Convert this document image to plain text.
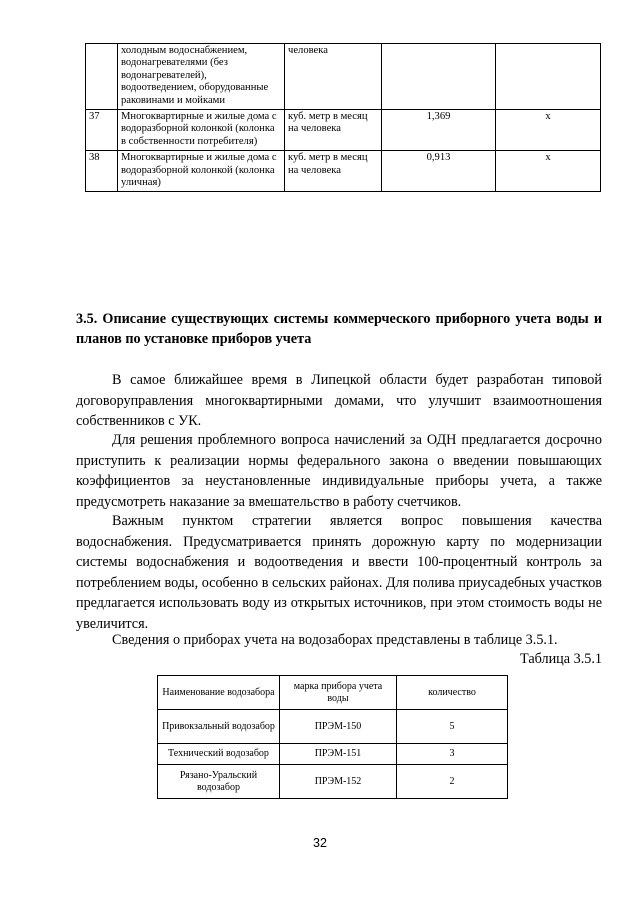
	холодным водоснабжением, водонагревателями (без водонагревателей), водоотведением, оборудованные раковинами и мойками	человека		
37	Многоквартирные и жилые дома с водоразборной колонкой (колонка в собственности потребителя)	куб. метр в месяц на человека	1,369	х
38	Многоквартирные и жилые дома с водоразборной колонкой (колонка уличная)	куб. метр в месяц на человека	0,913	х
3.5. Описание существующих системы коммерческого приборного учета воды и планов по установке приборов учета
В самое ближайшее время в Липецкой области будет разработан типовой договоруправления многоквартирными домами, что улучшит взаимоотношения собственников с УК.
Для решения проблемного вопроса начислений за ОДН предлагается досрочно приступить к реализации нормы федерального закона о введении повышающих коэффициентов за неустановленные индивидуальные приборы учета, а также предусмотреть наказание за вмешательство в работу счетчиков.
Важным пунктом стратегии является вопрос повышения качества водоснабжения. Предусматривается принять дорожную карту по модернизации системы водоснабжения и водоотведения и ввести 100-процентный контроль за потреблением воды, особенно в сельских районах. Для полива приусадебных участков предлагается использовать воду из открытых источников, при этом стоимость воды не увеличится.
Сведения о приборах учета на водозаборах представлены в таблице 3.5.1.
Таблица 3.5.1
Наименование водозабора	марка прибора учета воды	количество
Привокзальный водозабор	ПРЭМ-150	5
Технический водозабор	ПРЭМ-151	3
Рязано-Уральский водозабор	ПРЭМ-152	2
32
